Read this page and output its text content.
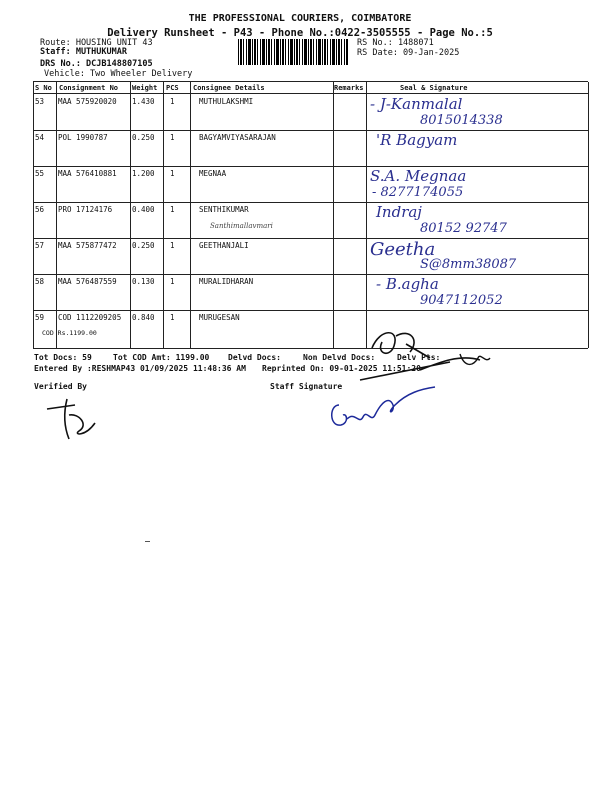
THE PROFESSIONAL COURIERS, COIMBATORE
Delivery Runsheet - P43 - Phone No.:0422-3505555 - Page No.:5
Route: HOUSING UNIT 43
Staff: MUTHUKUMAR
DRS No.: DCJB148807105
Vehicle: Two Wheeler Delivery
RS No.: 1488071
RS Date: 09-Jan-2025
S No Consignment No Weight PCS Consignee Details	Remarks	Seal & Signature
53 MAA 575920020 1.430 1	MUTHULAKSHMI	- J-Kanmalal
8015014338
54 POL 1990787	0.250 1	BAGYAMVIYASARAJAN	'R Bagyam
55 MAA 576410881 1.200 1	MEGNAA	S.A. Megnaa
- 8277174055
56 PRO 17124176	0.400 1	SENTHIKUMAR
Santhimallavmari
Indraj
80152 92747
57 MAA 575877472 0.250 1	GEETHANJALI	Geetha
S@8mm38087
58 MAA 576487559 0.130 1	MURALIDHARAN	- B.agha
9047112052
59 COD 1112209205 0.840 1	MURUGESAN
COD Rs.1199.00
Tot Docs: 59	Tot COD Amt: 1199.00 Delvd Docs:	Non Delvd Docs:	Delv Pts:
Entered By :RESHMAP43 01/09/2025 11:48:36 AM Reprinted On: 09-01-2025 11:51:20
Verified By	Staff Signature
